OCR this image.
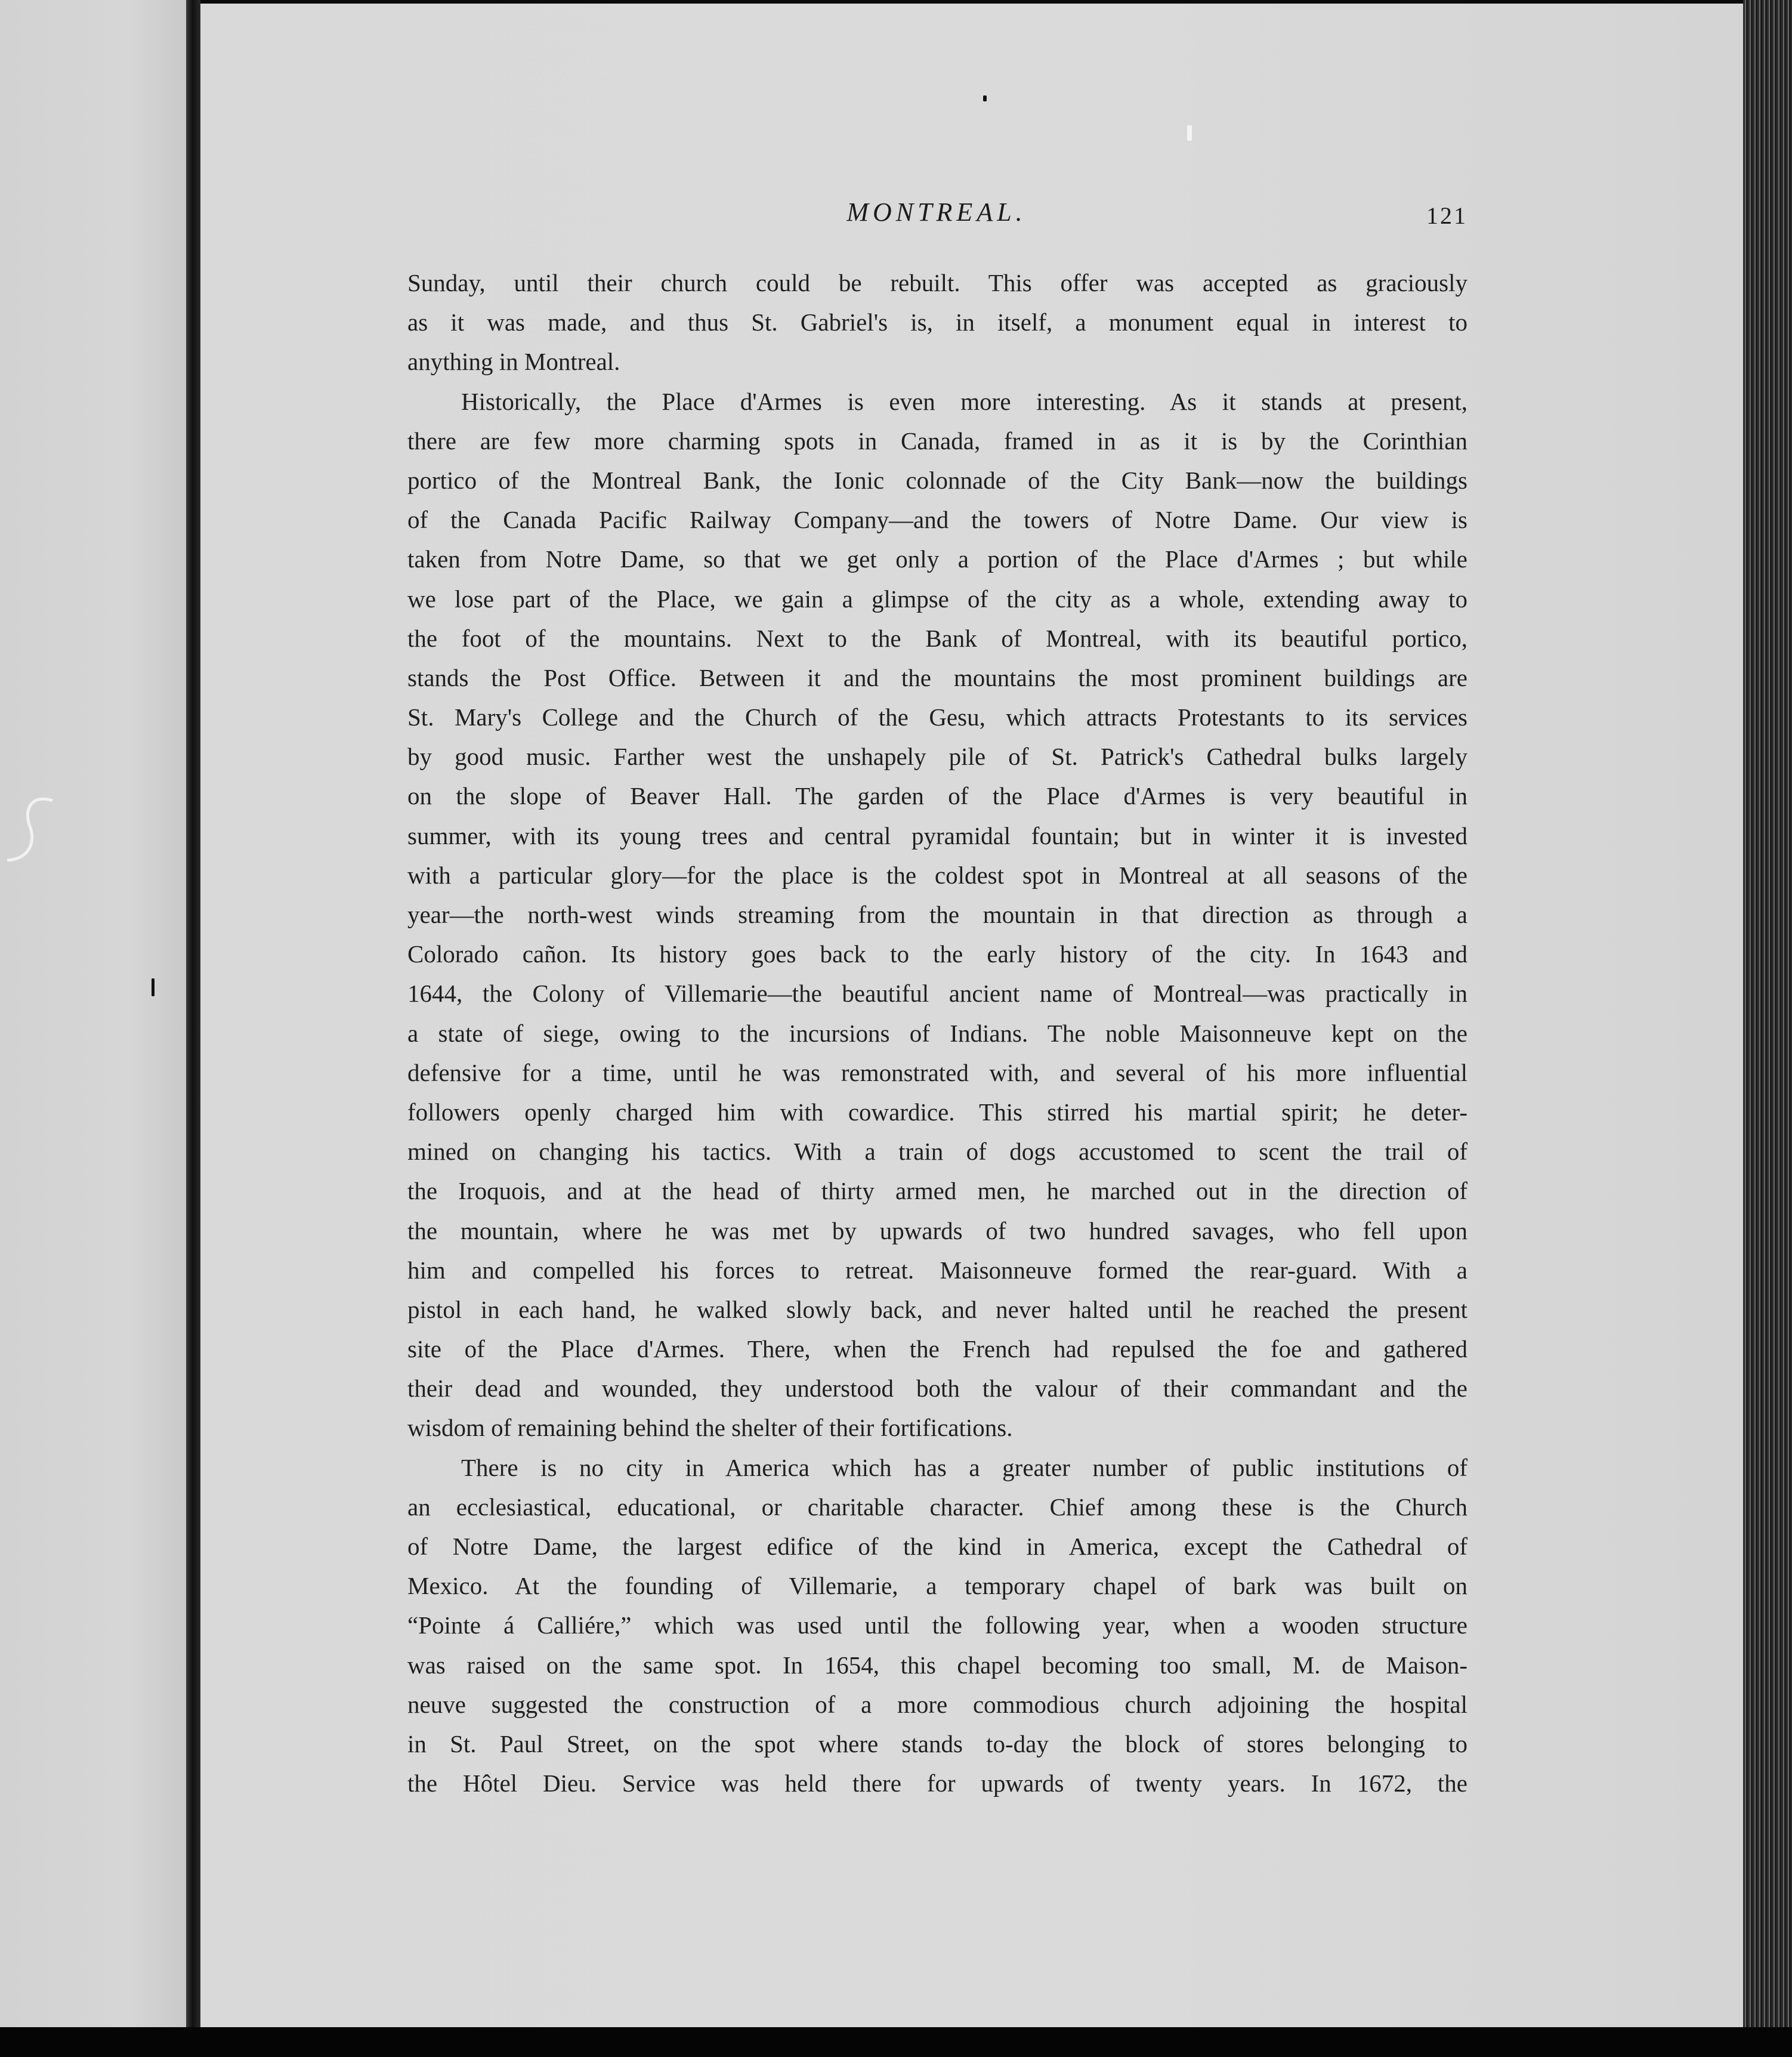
MONTREAL.	121
Sunday, until their church could be rebuilt. This offer was accepted as graciously
as it was made, and thus St. Gabriel's is, in itself, a monument equal in interest to
anything in Montreal.
Historically, the Place d'Armes is even more interesting. As it stands at present,
there are few more charming spots in Canada, framed in as it is by the Corinthian
portico of the Montreal Bank, the Ionic colonnade of the City Bank—now the buildings
of the Canada Pacific Railway Company—and the towers of Notre Dame. Our view is
taken from Notre Dame, so that we get only a portion of the Place d'Armes ; but while
we lose part of the Place, we gain a glimpse of the city as a whole, extending away to
the foot of the mountains. Next to the Bank of Montreal, with its beautiful portico,
stands the Post Office. Between it and the mountains the most prominent buildings are
St. Mary's College and the Church of the Gesu, which attracts Protestants to its services
by good music. Farther west the unshapely pile of St. Patrick's Cathedral bulks largely
on the slope of Beaver Hall. The garden of the Place d'Armes is very beautiful in
summer, with its young trees and central pyramidal fountain; but in winter it is invested
with a particular glory—for the place is the coldest spot in Montreal at all seasons of the
year—the north-west winds streaming from the mountain in that direction as through a
Colorado cañon. Its history goes back to the early history of the city. In 1643 and
1644, the Colony of Villemarie—the beautiful ancient name of Montreal—was practically in
a state of siege, owing to the incursions of Indians. The noble Maisonneuve kept on the
defensive for a time, until he was remonstrated with, and several of his more influential
followers openly charged him with cowardice. This stirred his martial spirit; he deter-
mined on changing his tactics. With a train of dogs accustomed to scent the trail of
the Iroquois, and at the head of thirty armed men, he marched out in the direction of
the mountain, where he was met by upwards of two hundred savages, who fell upon
him and compelled his forces to retreat. Maisonneuve formed the rear-guard. With a
pistol in each hand, he walked slowly back, and never halted until he reached the present
site of the Place d'Armes. There, when the French had repulsed the foe and gathered
their dead and wounded, they understood both the valour of their commandant and the
wisdom of remaining behind the shelter of their fortifications.
There is no city in America which has a greater number of public institutions of
an ecclesiastical, educational, or charitable character. Chief among these is the Church
of Notre Dame, the largest edifice of the kind in America, except the Cathedral of
Mexico. At the founding of Villemarie, a temporary chapel of bark was built on
“Pointe á Calliére,” which was used until the following year, when a wooden structure
was raised on the same spot. In 1654, this chapel becoming too small, M. de Maison-
neuve suggested the construction of a more commodious church adjoining the hospital
in St. Paul Street, on the spot where stands to-day the block of stores belonging to
the Hôtel Dieu. Service was held there for upwards of twenty years. In 1672, the
